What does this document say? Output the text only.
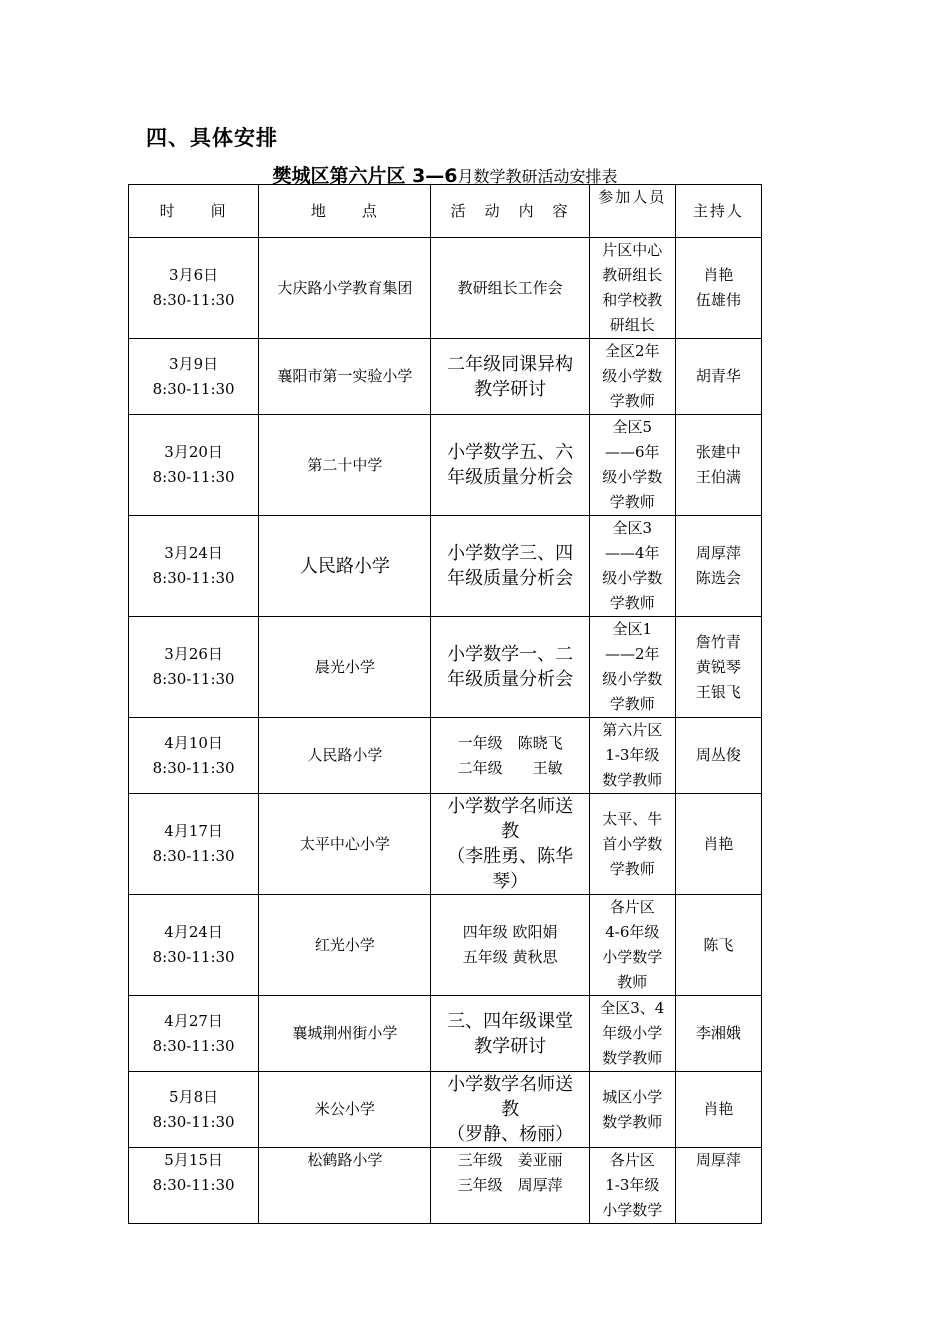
四、具体安排
樊城区第六片区 3—6月数学教研活动安排表
时　　间	地　　点	活　动　内　容	参加人员	主持人

3月6日
8:30-11:30	大庆路小学教育集团	教研组长工作会	片区中心
教研组长
和学校教
研组长	肖艳
伍雄伟

3月9日
8:30-11:30	襄阳市第一实验小学	二年级同课异构
教学研讨	全区2年
级小学数
学教师	胡青华

3月20日
8:30-11:30	第二十中学	小学数学五、六
年级质量分析会	全区5
——6年
级小学数
学教师	张建中
王伯满

3月24日
8:30-11:30	人民路小学	小学数学三、四
年级质量分析会	全区3
——4年
级小学数
学教师	周厚萍
陈选会

3月26日
8:30-11:30	晨光小学	小学数学一、二
年级质量分析会	全区1
——2年
级小学数
学教师	詹竹青
黄锐琴
王银飞

4月10日
8:30-11:30	人民路小学	一年级　陈晓飞
二年级　　王敏	第六片区
1-3年级
数学教师	周丛俊

4月17日
8:30-11:30	太平中心小学	小学数学名师送
教
（李胜勇、陈华
琴）	太平、牛
首小学数
学教师	肖艳

4月24日
8:30-11:30	红光小学	四年级 欧阳娟
五年级 黄秋思	各片区
4-6年级
小学数学
教师	陈飞

4月27日
8:30-11:30	襄城荆州街小学	三、四年级课堂
教学研讨	全区3、4
年级小学
数学教师	李湘娥

5月8日
8:30-11:30	米公小学	小学数学名师送
教
（罗静、杨丽）	城区小学
数学教师	肖艳

5月15日
8:30-11:30	松鹤路小学	三年级　姜亚丽
三年级　周厚萍	各片区
1-3年级
小学数学	周厚萍
